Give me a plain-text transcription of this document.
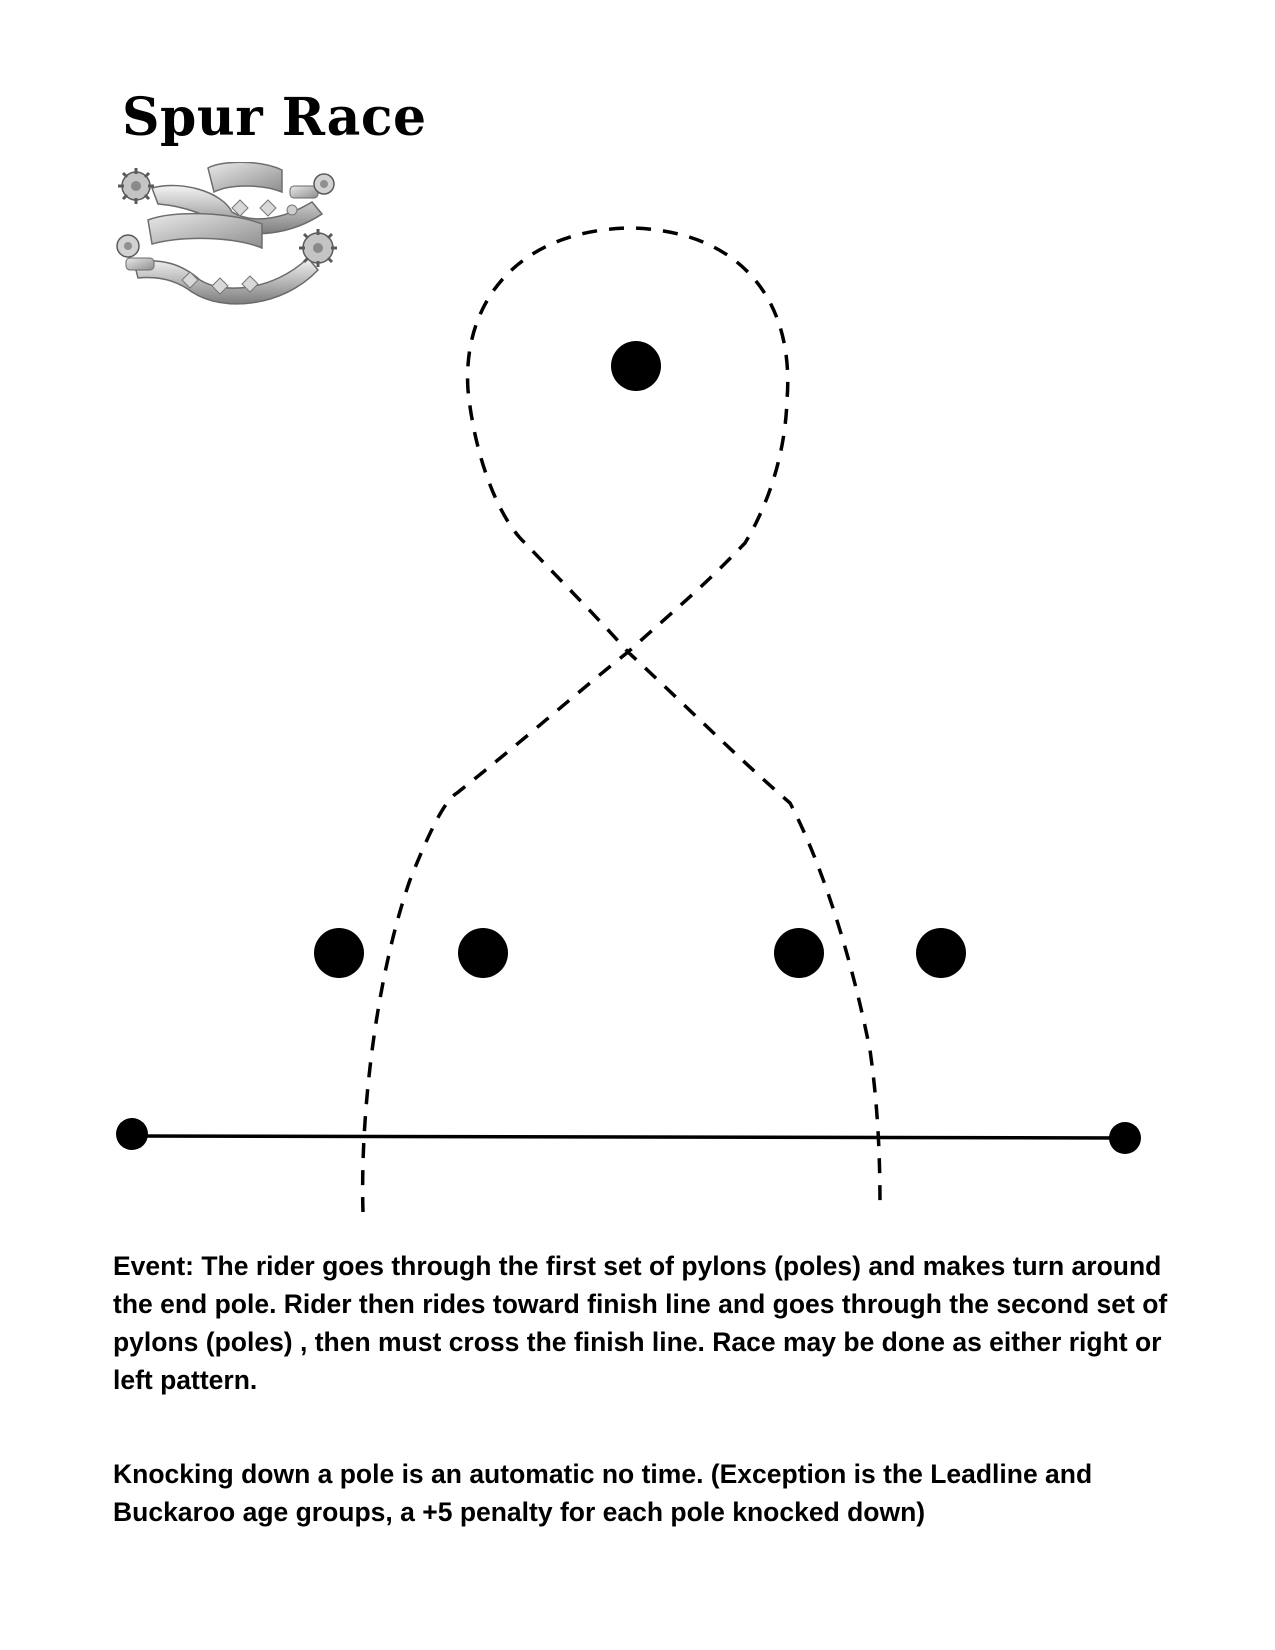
Spur Race

Event: The rider goes through the first set of pylons (poles) and makes turn around the end pole. Rider then rides toward finish line and goes through the second set of pylons (poles) , then must cross the finish line. Race may be done as either right or left pattern.

Knocking down a pole is an automatic no time. (Exception is the Leadline and Buckaroo age groups, a +5 penalty for each pole knocked down)
